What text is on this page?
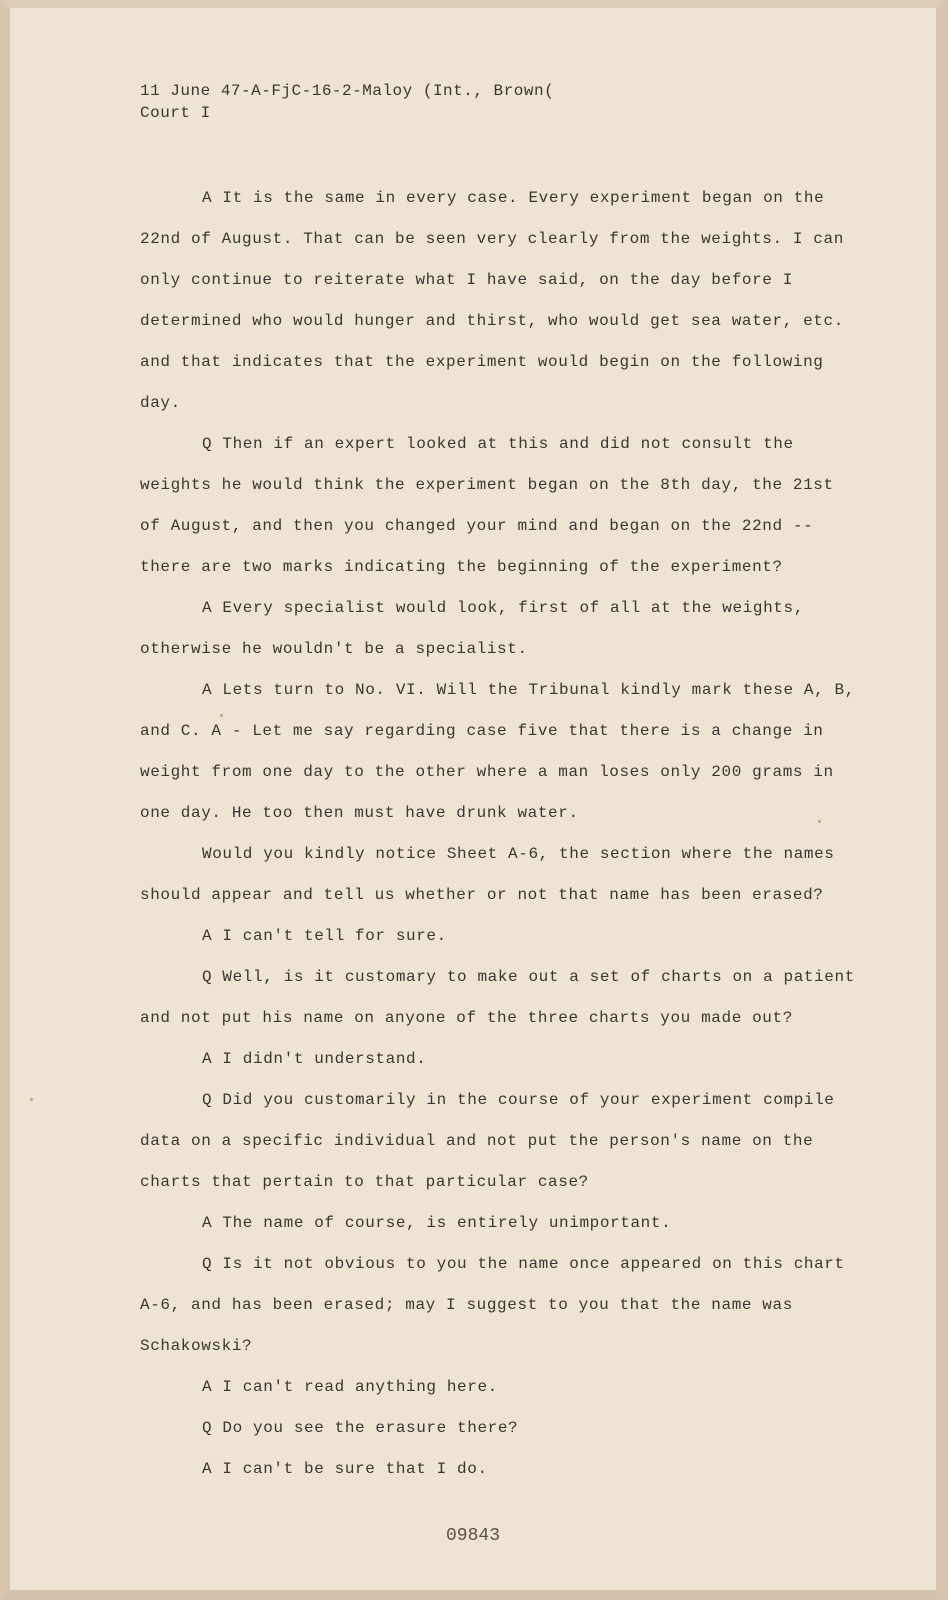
11 June 47-A-FjC-16-2-Maloy (Int., Brown(
Court I

A It is the same in every case. Every experiment began on the 22nd of August. That can be seen very clearly from the weights. I can only continue to reiterate what I have said, on the day before I determined who would hunger and thirst, who would get sea water, etc. and that indicates that the experiment would begin on the following day.

Q Then if an expert looked at this and did not consult the weights he would think the experiment began on the 8th day, the 21st of August, and then you changed your mind and began on the 22nd -- there are two marks indicating the beginning of the experiment?

A Every specialist would look, first of all at the weights, otherwise he wouldn't be a specialist.

A Lets turn to No. VI. Will the Tribunal kindly mark these A, B, and C. A - Let me say regarding case five that there is a change in weight from one day to the other where a man loses only 200 grams in one day. He too then must have drunk water.

Would you kindly notice Sheet A-6, the section where the names should appear and tell us whether or not that name has been erased?

A I can't tell for sure.

Q Well, is it customary to make out a set of charts on a patient and not put his name on anyone of the three charts you made out?

A I didn't understand.

Q Did you customarily in the course of your experiment compile data on a specific individual and not put the person's name on the charts that pertain to that particular case?

A The name of course, is entirely unimportant.

Q Is it not obvious to you the name once appeared on this chart A-6, and has been erased; may I suggest to you that the name was Schakowski?

A I can't read anything here.

Q Do you see the erasure there?

A I can't be sure that I do.

09843
